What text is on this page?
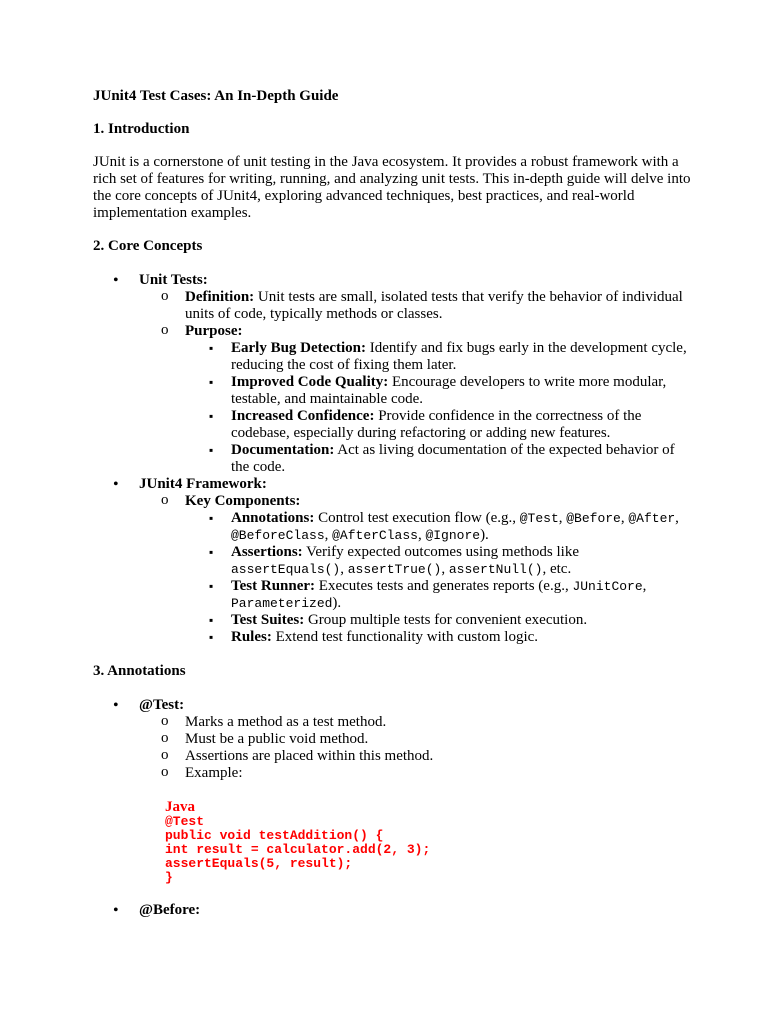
JUnit4 Test Cases: An In-Depth Guide

1. Introduction

JUnit is a cornerstone of unit testing in the Java ecosystem. It provides a robust framework with a rich set of features for writing, running, and analyzing unit tests. This in-depth guide will delve into the core concepts of JUnit4, exploring advanced techniques, best practices, and real-world implementation examples.

2. Core Concepts

• Unit Tests:
o Definition: Unit tests are small, isolated tests that verify the behavior of individual units of code, typically methods or classes.
o Purpose:
▪ Early Bug Detection: Identify and fix bugs early in the development cycle, reducing the cost of fixing them later.
▪ Improved Code Quality: Encourage developers to write more modular, testable, and maintainable code.
▪ Increased Confidence: Provide confidence in the correctness of the codebase, especially during refactoring or adding new features.
▪ Documentation: Act as living documentation of the expected behavior of the code.
• JUnit4 Framework:
o Key Components:
▪ Annotations: Control test execution flow (e.g., @Test, @Before, @After, @BeforeClass, @AfterClass, @Ignore).
▪ Assertions: Verify expected outcomes using methods like assertEquals(), assertTrue(), assertNull(), etc.
▪ Test Runner: Executes tests and generates reports (e.g., JUnitCore, Parameterized).
▪ Test Suites: Group multiple tests for convenient execution.
▪ Rules: Extend test functionality with custom logic.

3. Annotations

• @Test:
o Marks a method as a test method.
o Must be a public void method.
o Assertions are placed within this method.
o Example:
Java
@Test
public void testAddition() {
int result = calculator.add(2, 3);
assertEquals(5, result);
}
• @Before:
